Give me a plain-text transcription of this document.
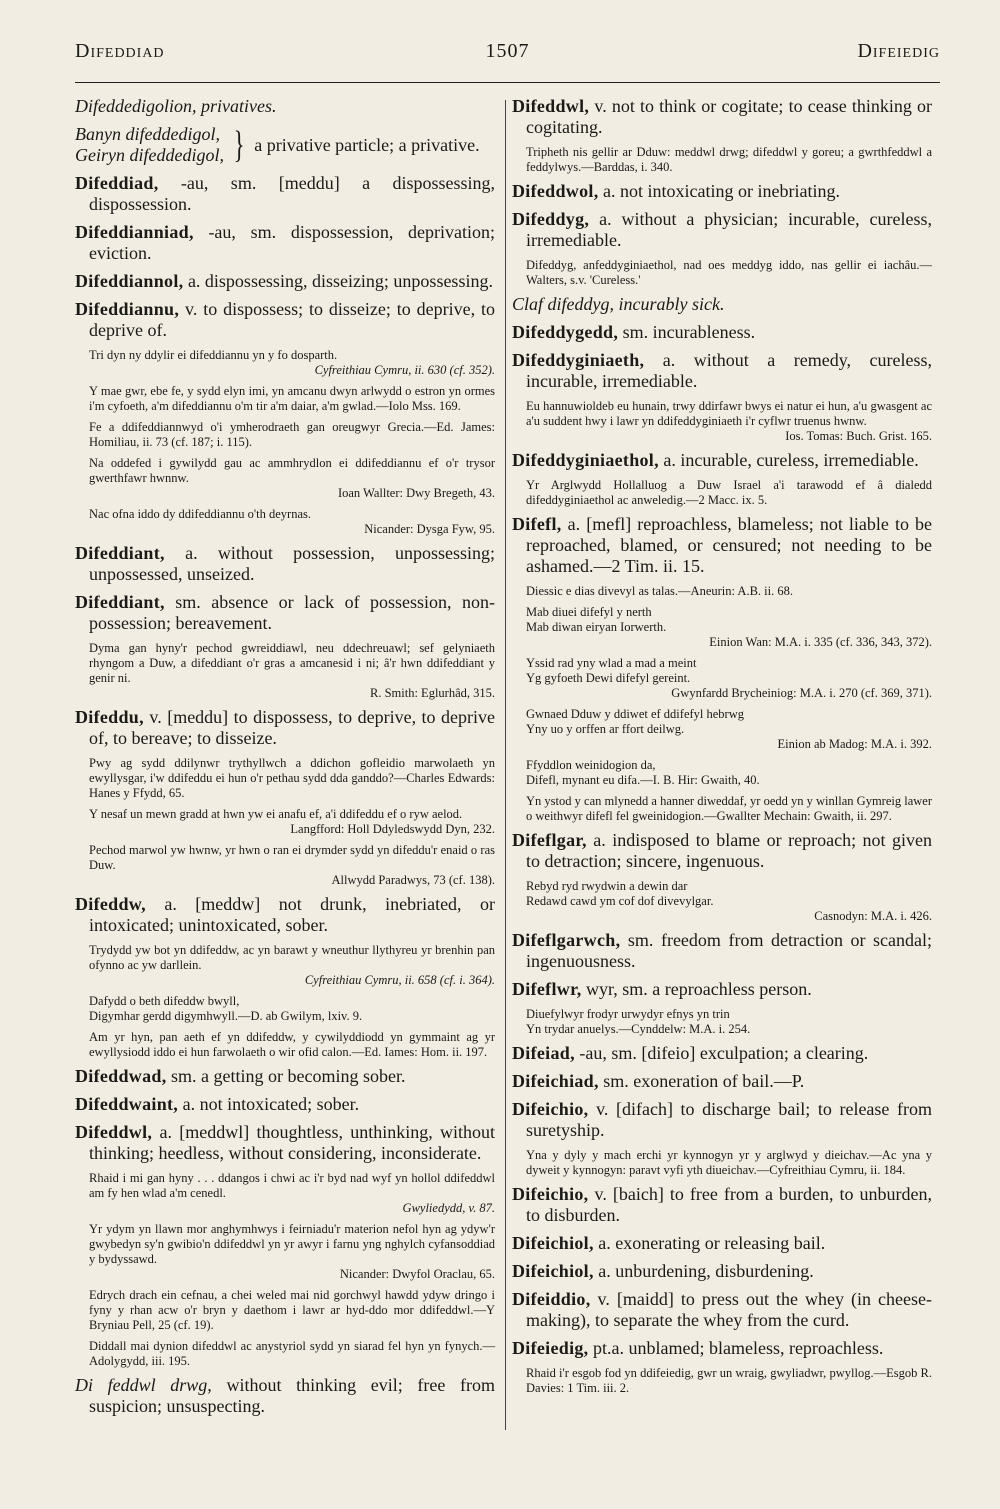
Difeddiad	1507	Difeiedig

Difeddedigolion, privatives.

Banyn difeddedigol,
Geiryn difeddedigol, } a privative particle; a privative.

Difeddiad, -au, sm. [meddu] a dispossessing, dispossession.

Difeddianniad, -au, sm. dispossession, deprivation; eviction.

Difeddiannol, a. dispossessing, disseizing; unpossessing.

Difeddiannu, v. to dispossess; to disseize; to deprive, to deprive of.

Tri dyn ny ddylir ei difeddiannu yn y fo dosparth.
Cyfreithiau Cymru, ii. 630 (cf. 352).
Y mae gwr, ebe fe, y sydd elyn imi, yn amcanu dwyn arlwydd o estron yn ormes i'm cyfoeth, a'm difeddiannu o'm tir a'm daiar, a'm gwlad.—Iolo Mss. 169.
Fe a ddifeddiannwyd o'i ymherodraeth gan oreugwyr Grecia.—Ed. James: Homiliau, ii. 73 (cf. 187; i. 115).
Na oddefed i gywilydd gau ac ammhrydlon ei ddifeddiannu ef o'r trysor gwerthfawr hwnnw.
Ioan Wallter: Dwy Bregeth, 43.
Nac ofna iddo dy ddifeddiannu o'th deyrnas.
Nicander: Dysga Fyw, 95.

Difeddiant, a. without possession, unpossessing; unpossessed, unseized.

Difeddiant, sm. absence or lack of possession, non-possession; bereavement.

Dyma gan hyny'r pechod gwreiddiawl, neu ddechreuawl; sef gelyniaeth rhyngom a Duw, a difeddiant o'r gras a amcanesid i ni; â'r hwn ddifeddiant y genir ni.
R. Smith: Eglurhâd, 315.

Difeddu, v. [meddu] to dispossess, to deprive, to deprive of, to bereave; to disseize.

Pwy ag sydd ddilynwr trythyllwch a ddichon gofleidio marwolaeth yn ewyllysgar, i'w ddifeddu ei hun o'r pethau sydd dda ganddo?—Charles Edwards: Hanes y Ffydd, 65.
Y nesaf un mewn gradd at hwn yw ei anafu ef, a'i ddifeddu ef o ryw aelod.
Langfford: Holl Ddyledswydd Dyn, 232.
Pechod marwol yw hwnw, yr hwn o ran ei drymder sydd yn difeddu'r enaid o ras Duw.
Allwydd Paradwys, 73 (cf. 138).

Difeddw, a. [meddw] not drunk, inebriated, or intoxicated; unintoxicated, sober.

Trydydd yw bot yn ddifeddw, ac yn barawt y wneuthur llythyreu yr brenhin pan ofynno ac yw darllein.
Cyfreithiau Cymru, ii. 658 (cf. i. 364).
Dafydd o beth difeddw bwyll,
Digymhar gerdd digymhwyll.—D. ab Gwilym, lxiv. 9.
Am yr hyn, pan aeth ef yn ddifeddw, y cywilyddiodd yn gymmaint ag yr ewyllysiodd iddo ei hun farwolaeth o wir ofid calon.—Ed. Iames: Hom. ii. 197.

Difeddwad, sm. a getting or becoming sober.

Difeddwaint, a. not intoxicated; sober.

Difeddwl, a. [meddwl] thoughtless, unthinking, without thinking; heedless, without considering, inconsiderate.

Rhaid i mi gan hyny . . . ddangos i chwi ac i'r byd nad wyf yn hollol ddifeddwl am fy hen wlad a'm cenedl.
Gwyliedydd, v. 87.
Yr ydym yn llawn mor anghymhwys i feirniadu'r materion nefol hyn ag ydyw'r gwybedyn sy'n gwibio'n ddifeddwl yn yr awyr i farnu yng nghylch cyfansoddiad y bydyssawd.
Nicander: Dwyfol Oraclau, 65.
Edrych drach ein cefnau, a chei weled mai nid gorchwyl hawdd ydyw dringo i fyny y rhan acw o'r bryn y daethom i lawr ar hyd-ddo mor ddifeddwl.—Y Bryniau Pell, 25 (cf. 19).
Diddall mai dynion difeddwl ac anystyriol sydd yn siarad fel hyn yn fynych.—Adolygydd, iii. 195.

Di feddwl drwg, without thinking evil; free from suspicion; unsuspecting.

Difeddwl, v. not to think or cogitate; to cease thinking or cogitating.

Tripheth nis gellir ar Dduw: meddwl drwg; difeddwl y goreu; a gwrthfeddwl a feddylwys.—Barddas, i. 340.

Difeddwol, a. not intoxicating or inebriating.

Difeddyg, a. without a physician; incurable, cureless, irremediable.

Difeddyg, anfeddyginiaethol, nad oes meddyg iddo, nas gellir ei iachâu.—Walters, s.v. 'Cureless.'

Claf difeddyg, incurably sick.

Difeddygedd, sm. incurableness.

Difeddyginiaeth, a. without a remedy, cureless, incurable, irremediable.

Eu hannuwioldeb eu hunain, trwy ddirfawr bwys ei natur ei hun, a'u gwasgent ac a'u suddent hwy i lawr yn ddifeddyginiaeth i'r cyflwr truenus hwnw.
Ios. Tomas: Buch. Grist. 165.

Difeddyginiaethol, a. incurable, cureless, irremediable.

Yr Arglwydd Hollalluog a Duw Israel a'i tarawodd ef â dialedd difeddyginiaethol ac anweledig.—2 Macc. ix. 5.

Difefl, a. [mefl] reproachless, blameless; not liable to be reproached, blamed, or censured; not needing to be ashamed.—2 Tim. ii. 15.

Diessic e dias divevyl as talas.—Aneurin: A.B. ii. 68.
Mab diuei difefyl y nerth
Mab diwan eiryan Iorwerth.
Einion Wan: M.A. i. 335 (cf. 336, 343, 372).
Yssid rad yny wlad a mad a meint
Yg gyfoeth Dewi difefyl gereint.
Gwynfardd Brycheiniog: M.A. i. 270 (cf. 369, 371).
Gwnaed Dduw y ddiwet ef ddifefyl hebrwg
Yny uo y orffen ar ffort deilwg.
Einion ab Madog: M.A. i. 392.
Ffyddlon weinidogion da,
Difefl, mynant eu difa.—I. B. Hir: Gwaith, 40.
Yn ystod y can mlynedd a hanner diweddaf, yr oedd yn y winllan Gymreig lawer o weithwyr difefl fel gweinidogion.—Gwallter Mechain: Gwaith, ii. 297.

Difeflgar, a. indisposed to blame or reproach; not given to detraction; sincere, ingenuous.

Rebyd ryd rwydwin a dewin dar
Redawd cawd ym cof dof divevylgar.
Casnodyn: M.A. i. 426.

Difeflgarwch, sm. freedom from detraction or scandal; ingenuousness.

Difeflwr, wyr, sm. a reproachless person.

Diuefylwyr frodyr urwydyr efnys yn trin
Yn trydar anuelys.—Cynddelw: M.A. i. 254.

Difeiad, -au, sm. [difeio] exculpation; a clearing.

Difeichiad, sm. exoneration of bail.—P.

Difeichio, v. [difach] to discharge bail; to release from suretyship.

Yna y dyly y mach erchi yr kynnogyn yr y arglwyd y dieichav.—Ac yna y dyweit y kynnogyn: paravt vyfi yth diueichav.—Cyfreithiau Cymru, ii. 184.

Difeichio, v. [baich] to free from a burden, to unburden, to disburden.

Difeichiol, a. exonerating or releasing bail.

Difeichiol, a. unburdening, disburdening.

Difeiddio, v. [maidd] to press out the whey (in cheese-making), to separate the whey from the curd.

Difeiedig, pt.a. unblamed; blameless, reproachless.

Rhaid i'r esgob fod yn ddifeiedig, gwr un wraig, gwyliadwr, pwyllog.—Esgob R. Davies: 1 Tim. iii. 2.
